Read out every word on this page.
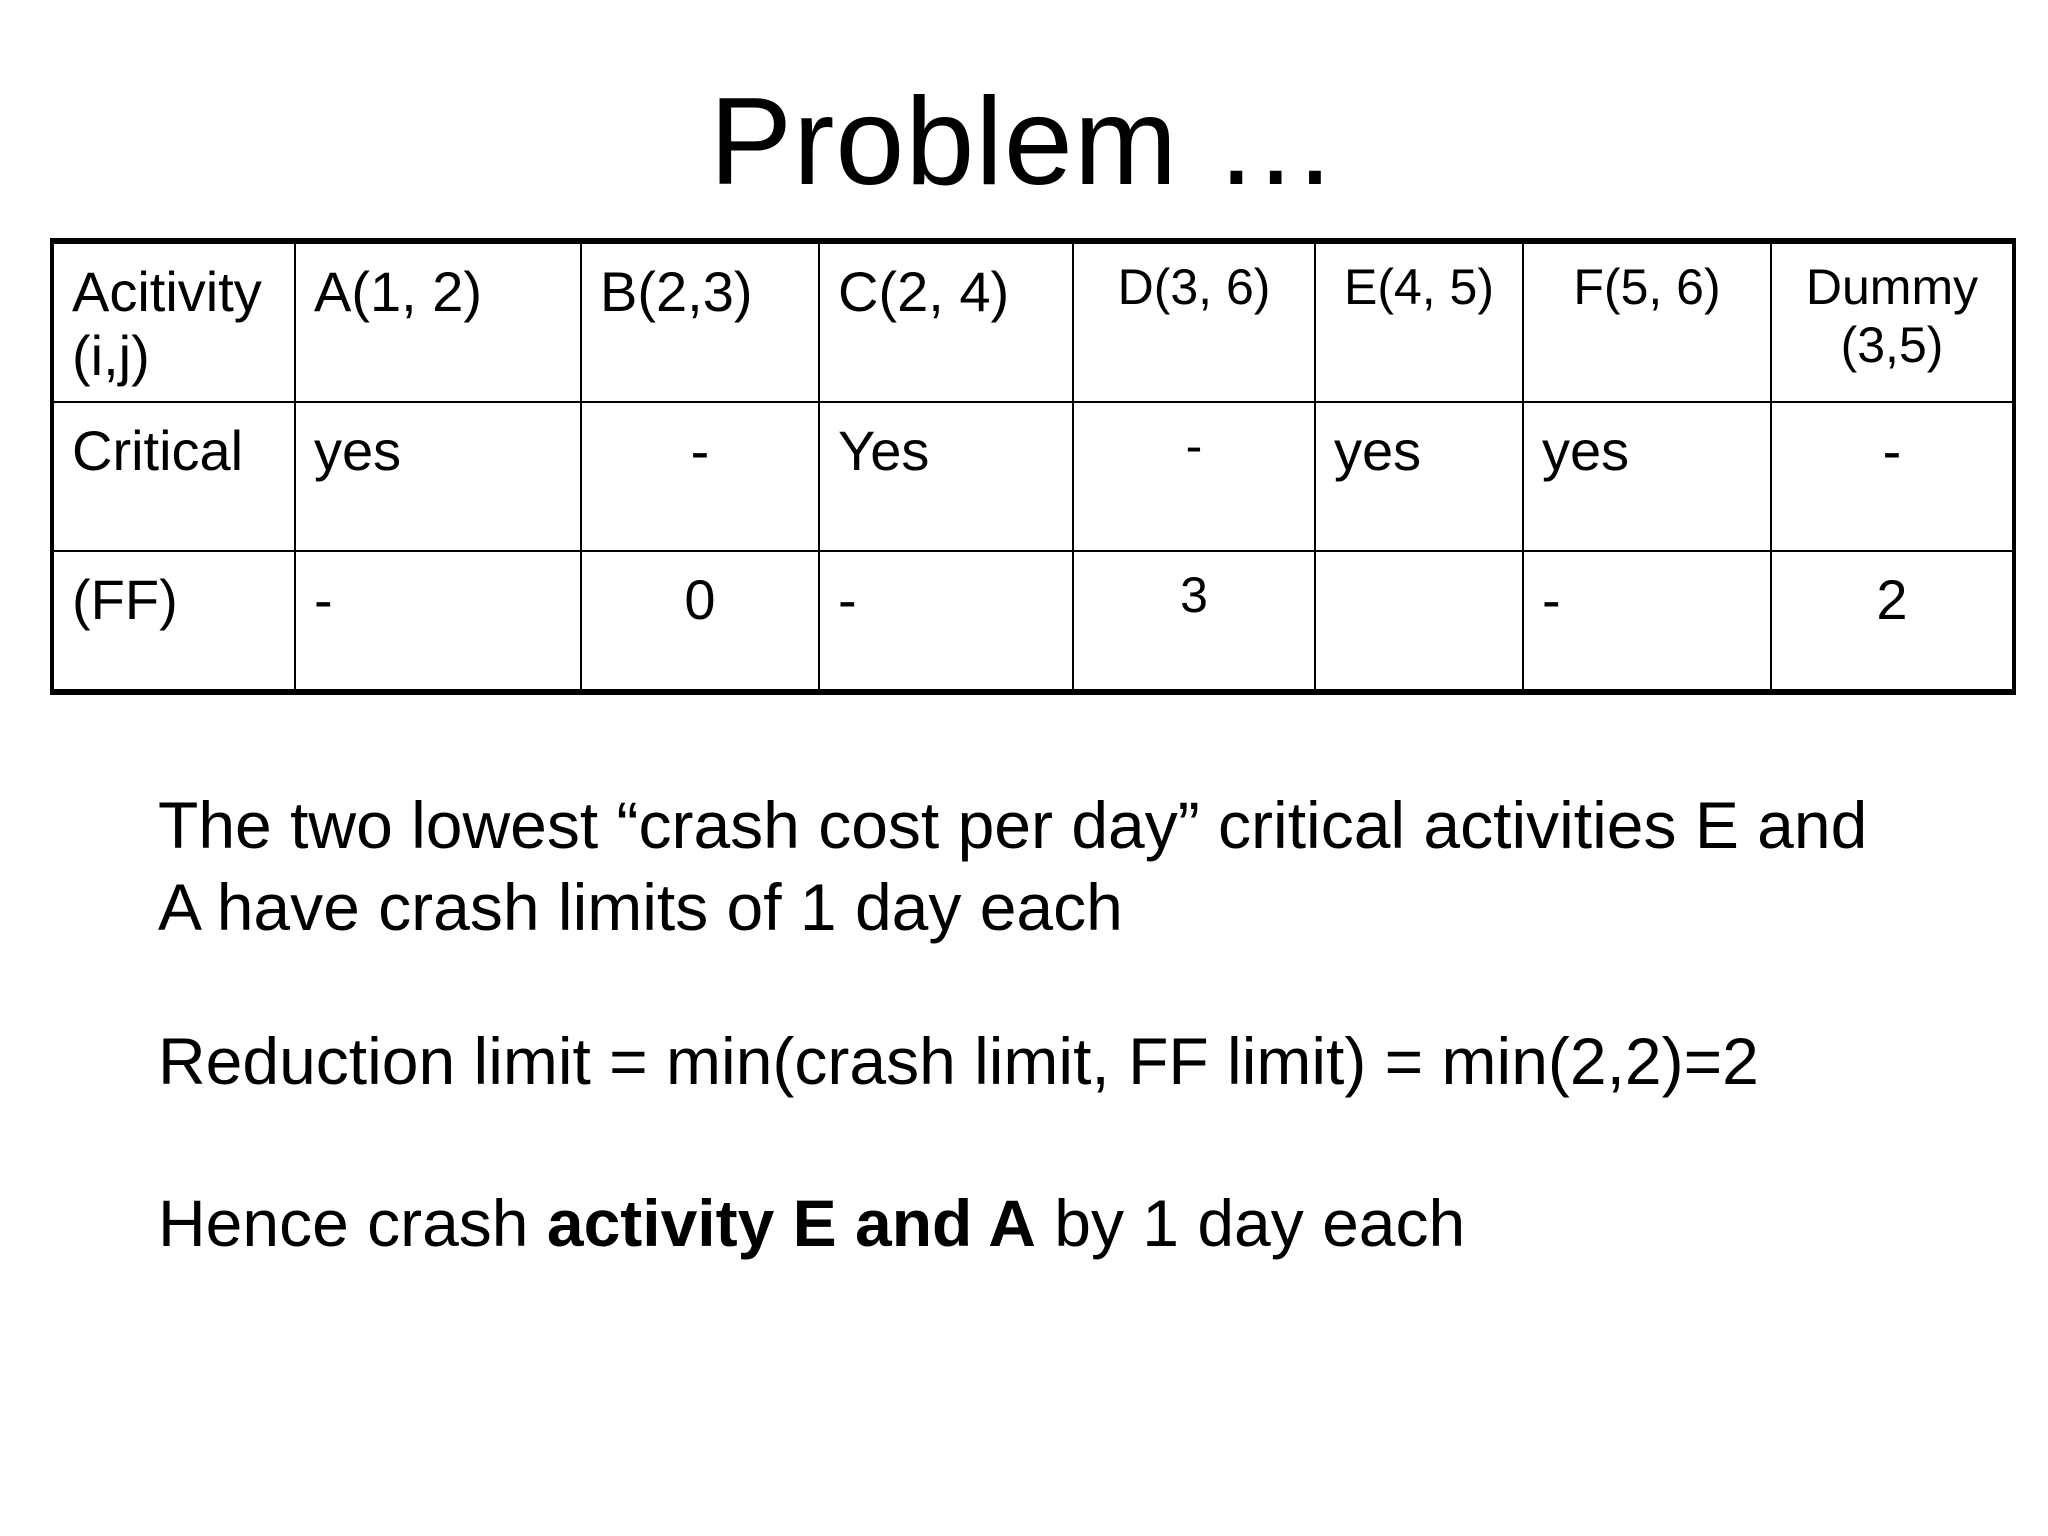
Problem …
Acitivity
(i,j)	A(1, 2)	B(2,3)	C(2, 4)	D(3, 6)	E(4, 5)	F(5, 6)	Dummy
(3,5)
Critical	yes	-	Yes	-	yes	yes	-
(FF)	-	0	-	3		-	2
The two lowest “crash cost per day” critical activities E and
A have crash limits of 1 day each
Reduction limit = min(crash limit, FF limit) = min(2,2)=2
Hence crash activity E and A by 1 day each
